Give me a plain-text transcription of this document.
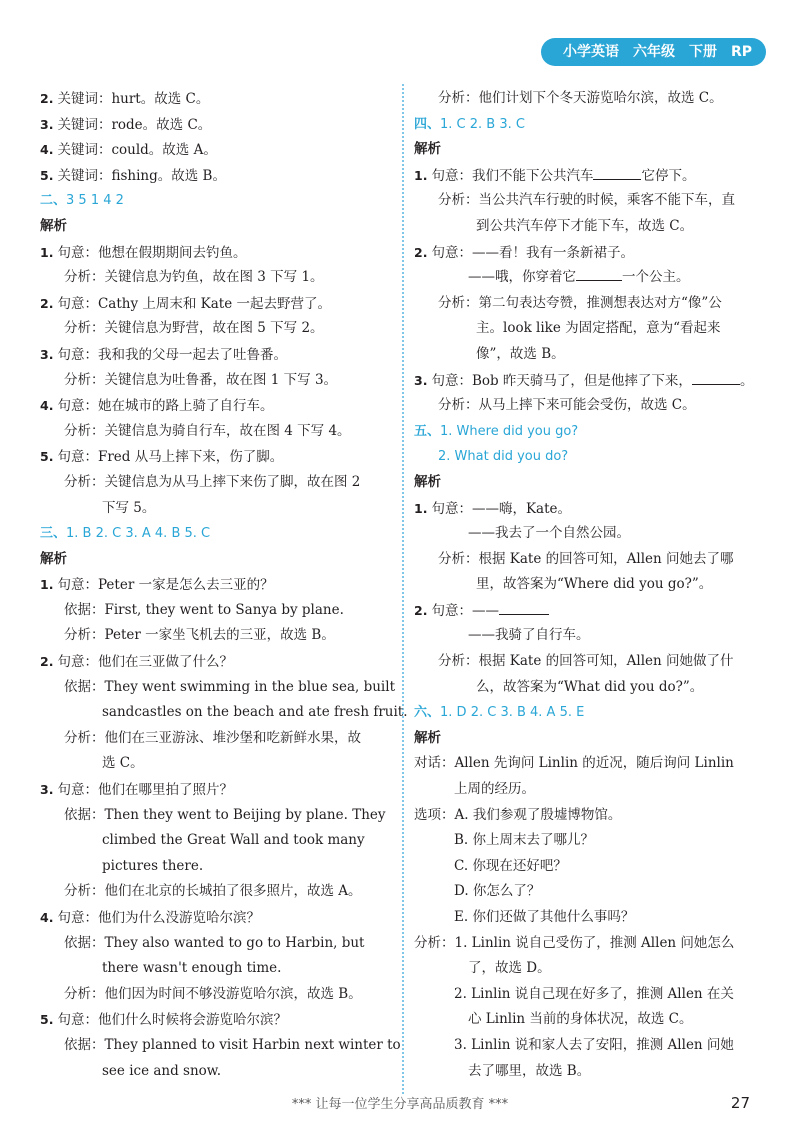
小学英语 六年级 下册 RP
2. 关键词：hurt。故选 C。
3. 关键词：rode。故选 C。
4. 关键词：could。故选 A。
5. 关键词：fishing。故选 B。
二、3 5 1 4 2
解析
1. 句意：他想在假期期间去钓鱼。
分析：关键信息为钓鱼，故在图 3 下写 1。
2. 句意：Cathy 上周末和 Kate 一起去野营了。
分析：关键信息为野营，故在图 5 下写 2。
3. 句意：我和我的父母一起去了吐鲁番。
分析：关键信息为吐鲁番，故在图 1 下写 3。
4. 句意：她在城市的路上骑了自行车。
分析：关键信息为骑自行车，故在图 4 下写 4。
5. 句意：Fred 从马上摔下来，伤了脚。
分析：关键信息为从马上摔下来伤了脚，故在图 2
下写 5。
三、1. B 2. C 3. A 4. B 5. C
解析
1. 句意：Peter 一家是怎么去三亚的？
依据：First, they went to Sanya by plane.
分析：Peter 一家坐飞机去的三亚，故选 B。
2. 句意：他们在三亚做了什么？
依据：They went swimming in the blue sea, built
sandcastles on the beach and ate fresh fruit.
分析：他们在三亚游泳、堆沙堡和吃新鲜水果，故
选 C。
3. 句意：他们在哪里拍了照片？
依据：Then they went to Beijing by plane. They
climbed the Great Wall and took many
pictures there.
分析：他们在北京的长城拍了很多照片，故选 A。
4. 句意：他们为什么没游览哈尔滨？
依据：They also wanted to go to Harbin, but
there wasn't enough time.
分析：他们因为时间不够没游览哈尔滨，故选 B。
5. 句意：他们什么时候将会游览哈尔滨？
依据：They planned to visit Harbin next winter to
see ice and snow.
分析：他们计划下个冬天游览哈尔滨，故选 C。
四、1. C 2. B 3. C
解析
1. 句意：我们不能下公共汽车	它停下。
分析：当公共汽车行驶的时候，乘客不能下车，直
到公共汽车停下才能下车，故选 C。
2. 句意：——看！我有一条新裙子。
——哦，你穿着它	一个公主。
分析：第二句表达夸赞，推测想表达对方“像”公
主。look like 为固定搭配，意为“看起来
像”，故选 B。
3. 句意：Bob 昨天骑马了，但是他摔了下来，	。
分析：从马上摔下来可能会受伤，故选 C。
五、1. Where did you go?
2. What did you do?
解析
1. 句意：——嗨，Kate。
——我去了一个自然公园。
分析：根据 Kate 的回答可知，Allen 问她去了哪
里，故答案为“Where did you go?”。
2. 句意：——
——我骑了自行车。
分析：根据 Kate 的回答可知，Allen 问她做了什
么，故答案为“What did you do?”。
六、1. D 2. C 3. B 4. A 5. E
解析
对话：Allen 先询问 Linlin 的近况，随后询问 Linlin
上周的经历。
选项：A. 我们参观了殷墟博物馆。
B. 你上周末去了哪儿？
C. 你现在还好吧？
D. 你怎么了？
E. 你们还做了其他什么事吗？
分析：1. Linlin 说自己受伤了，推测 Allen 问她怎么
了，故选 D。
2. Linlin 说自己现在好多了，推测 Allen 在关
心 Linlin 当前的身体状况，故选 C。
3. Linlin 说和家人去了安阳，推测 Allen 问她
去了哪里，故选 B。
*** 让每一位学生分享高品质教育 ***	27
